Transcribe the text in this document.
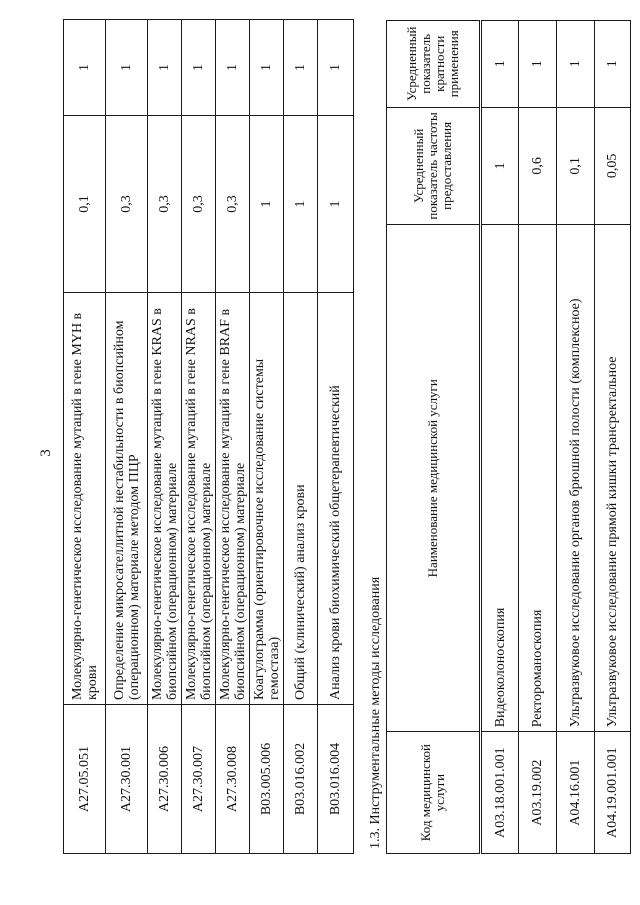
3
A27.05.051	Молекулярно-генетическое исследование мутаций в гене MYH в крови	0,1	1
A27.30.001	Определение микросателлитной нестабильности в биопсийном (операционном) материале методом ПЦР	0,3	1
A27.30.006	Молекулярно-генетическое исследование мутаций в гене KRAS в биопсийном (операционном) материале	0,3	1
A27.30.007	Молекулярно-генетическое исследование мутаций в гене NRAS в биопсийном (операционном) материале	0,3	1
A27.30.008	Молекулярно-генетическое исследование мутаций в гене BRAF в биопсийном (операционном) материале	0,3	1
B03.005.006	Коагулограмма (ориентировочное исследование системы гемостаза)	1	1
B03.016.002	Общий (клинический) анализ крови	1	1
B03.016.004	Анализ крови биохимический общетерапевтический	1	1
1.3. Инструментальные методы исследованияКод медицинской услуги	Наименование медицинской услуги	Усредненный показатель частоты предоставления	Усредненный показатель кратности применения
A03.18.001.001	Видеоколоноскопия	1	1
A03.19.002	Ректороманоскопия	0,6	1
A04.16.001	Ультразвуковое исследование органов брюшной полости (комплексное)	0,1	1
A04.19.001.001	Ультразвуковое исследование прямой кишки трансректальное	0,05	1
